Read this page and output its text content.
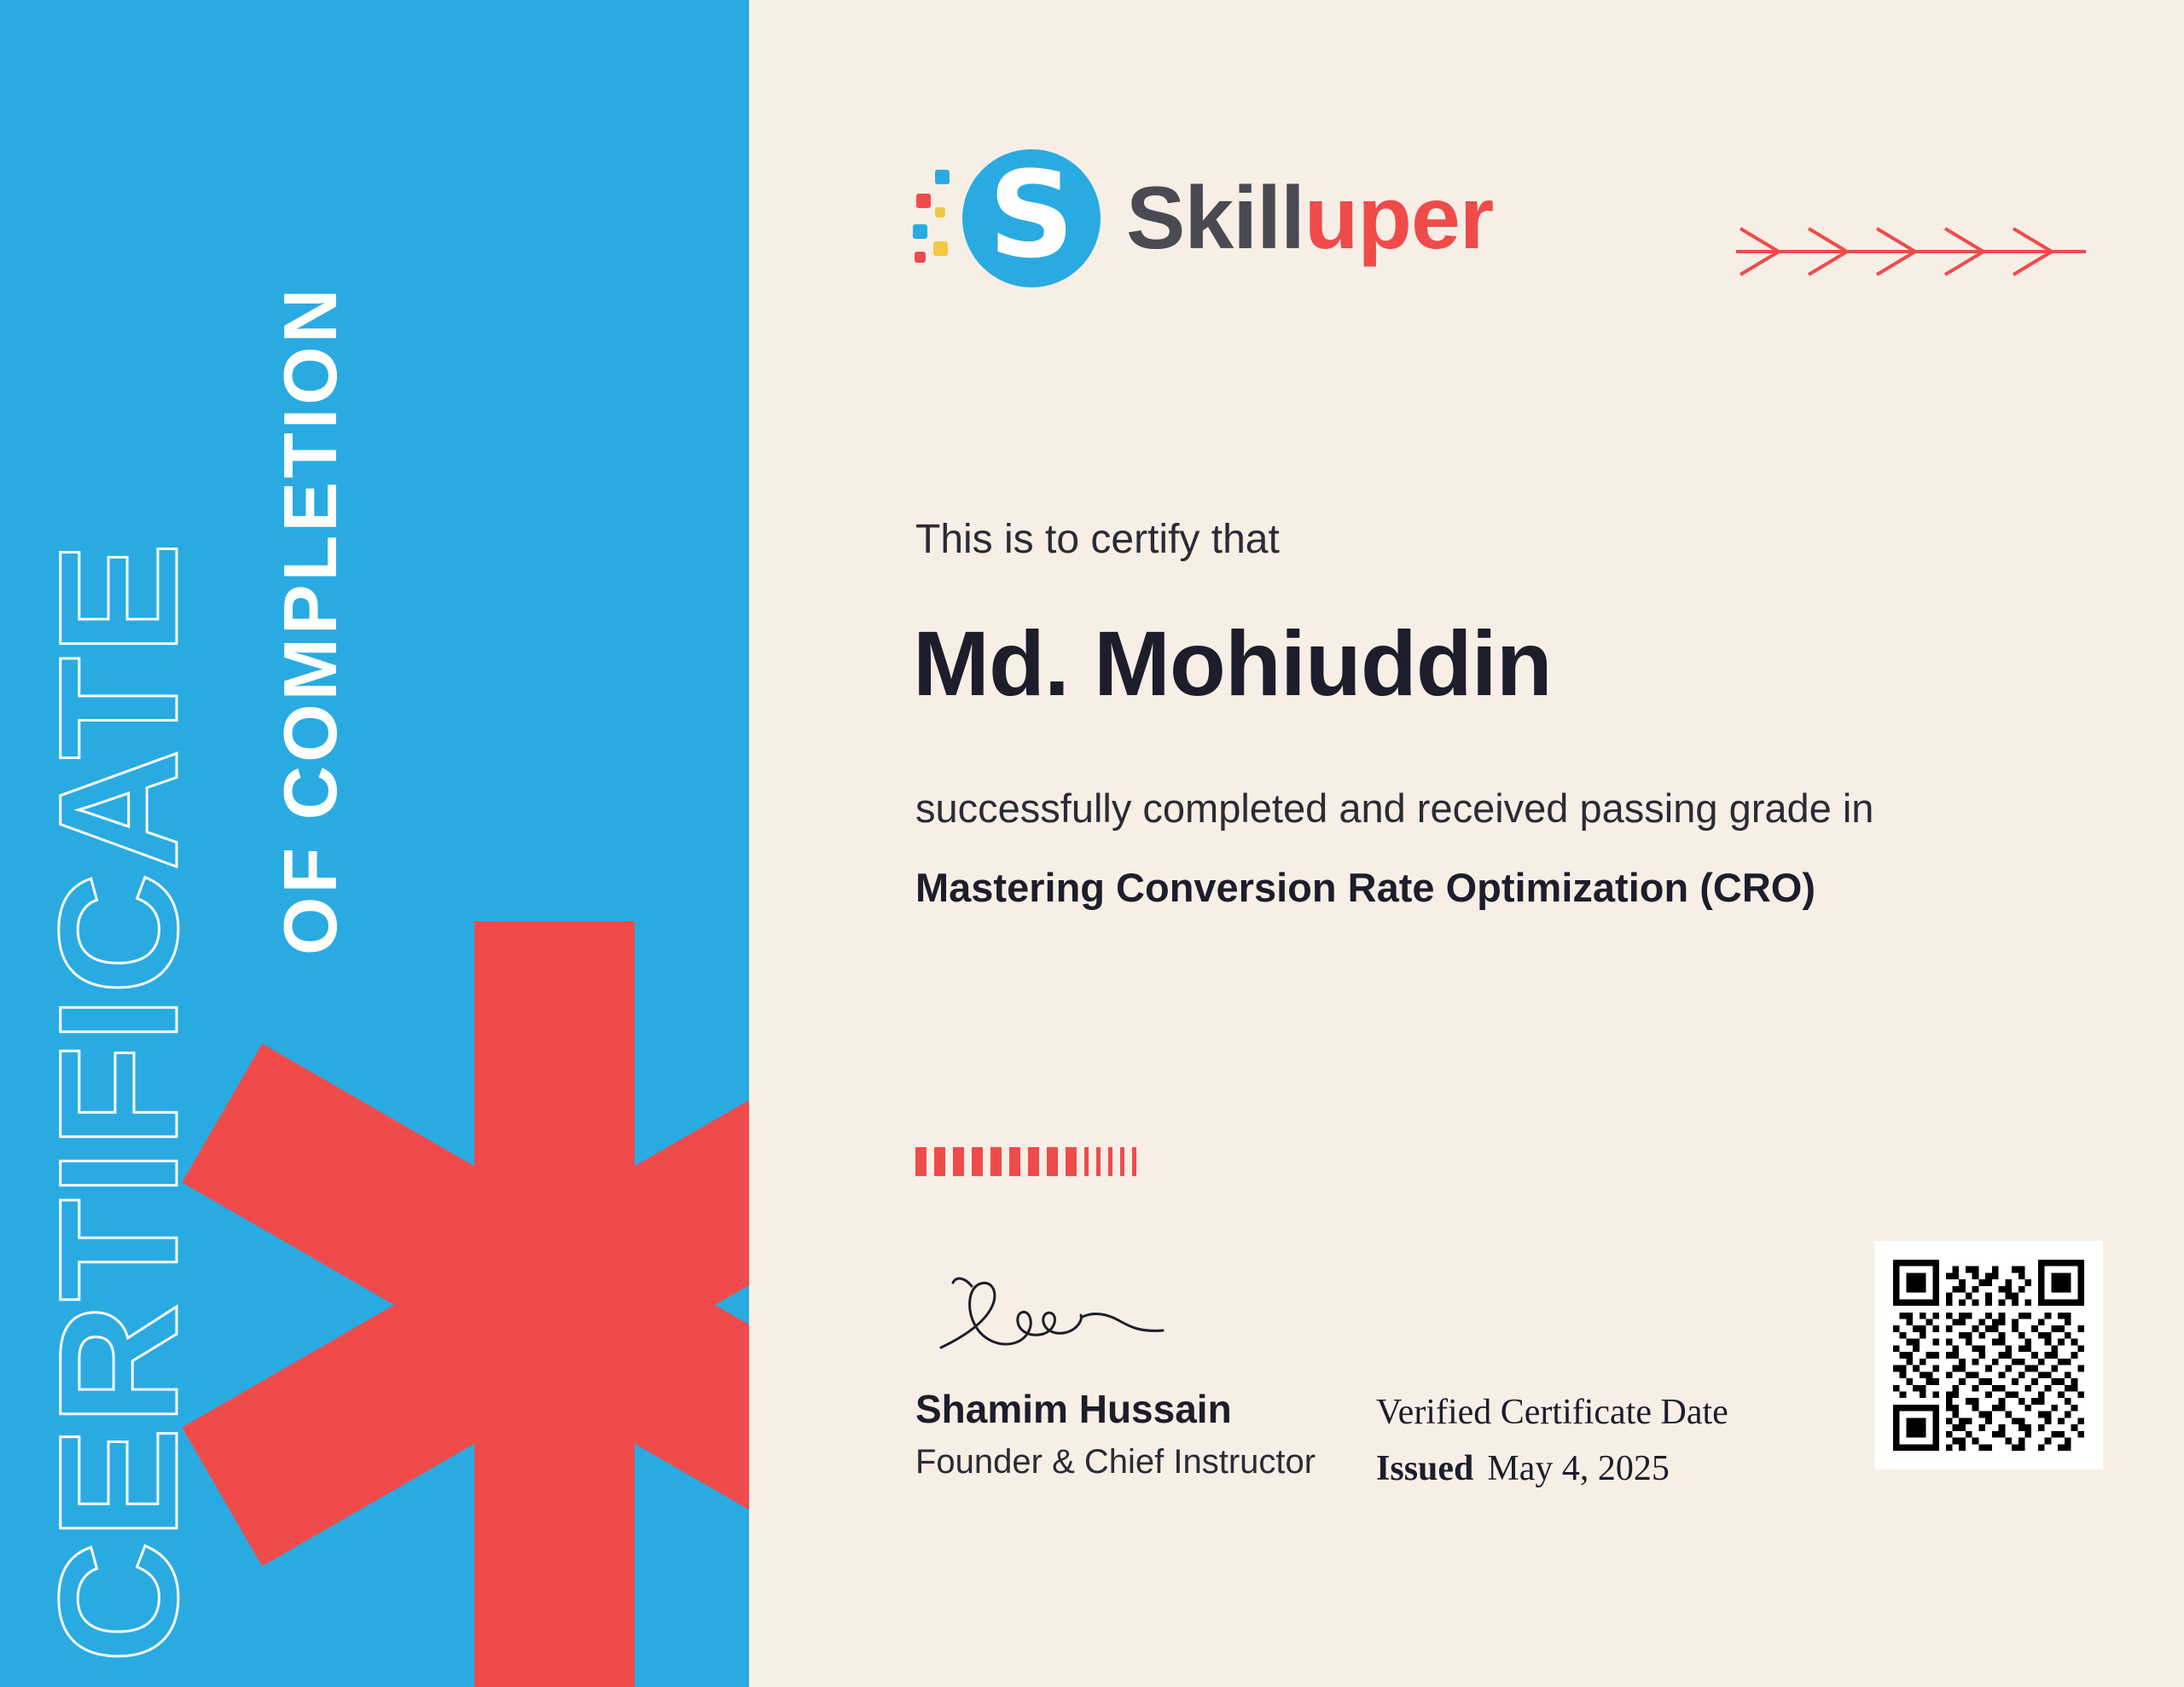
CERTIFICATE OF COMPLETION
S Skilluper
This is to certify that
Md. Mohiuddin
successfully completed and received passing grade in
Mastering Conversion Rate Optimization (CRO)
Shamim Hussain
Founder & Chief Instructor
Verified Certificate Date
Issued May 4, 2025
